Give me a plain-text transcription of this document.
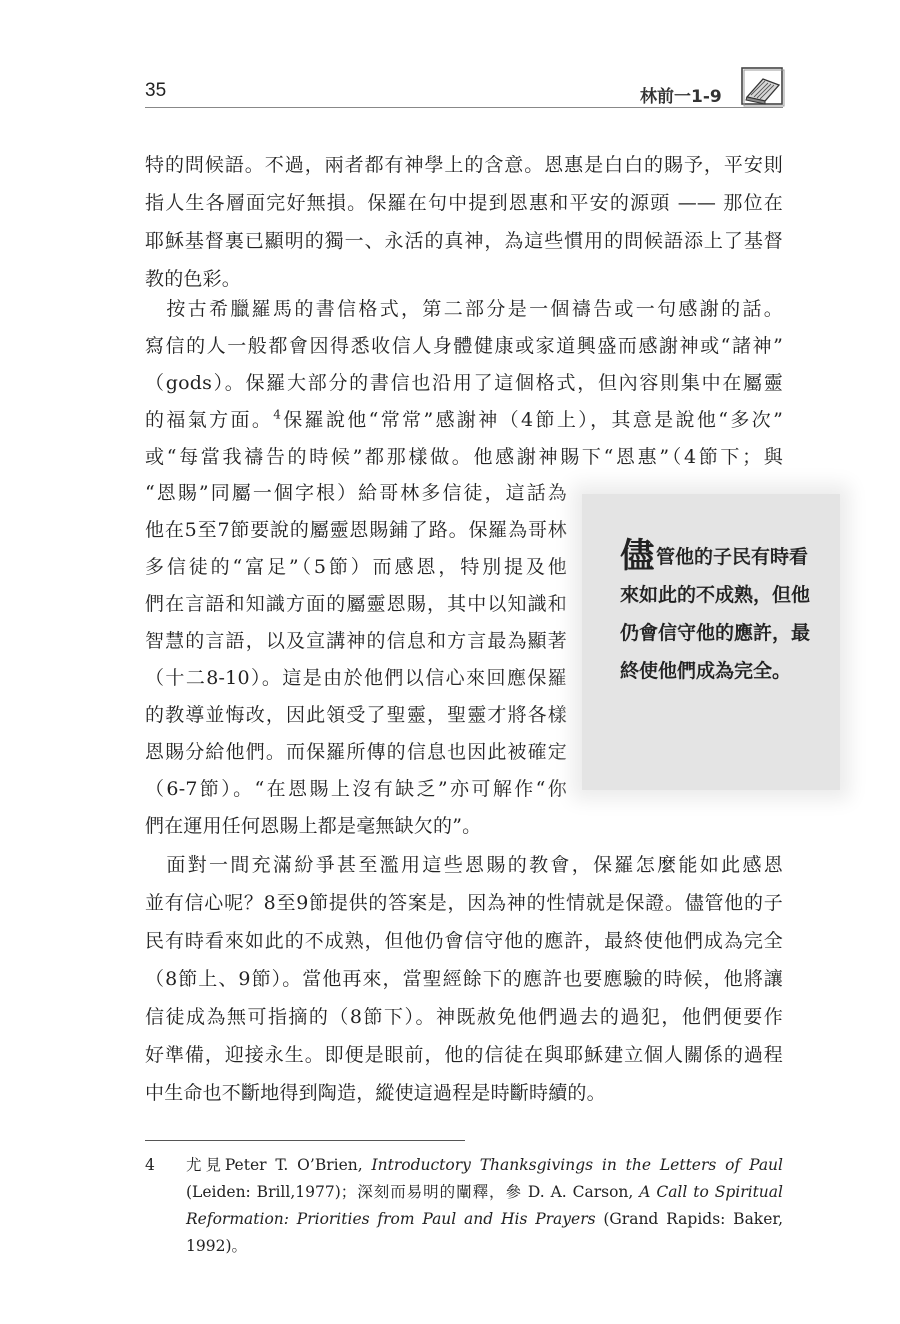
35	林前一1-9

特的問候語。不過，兩者都有神學上的含意。恩惠是白白的賜予，平安則

指人生各層面完好無損。保羅在句中提到恩惠和平安的源頭 —— 那位在

耶穌基督裏已顯明的獨一、永活的真神，為這些慣用的問候語添上了基督

教的色彩。

　按古希臘羅馬的書信格式，第二部分是一個禱告或一句感謝的話。

寫信的人一般都會因得悉收信人身體健康或家道興盛而感謝神或“諸神”

（gods）。保羅大部分的書信也沿用了這個格式，但內容則集中在屬靈

的福氣方面。$^4$保羅說他“常常”感謝神（4節上），其意是說他“多次”

或“每當我禱告的時候”都那樣做。他感謝神賜下“恩惠”（4節下；與

“恩賜”同屬一個字根）給哥林多信徒，這話為

他在5至7節要說的屬靈恩賜鋪了路。保羅為哥林

多信徒的“富足”（5節）而感恩，特別提及他

們在言語和知識方面的屬靈恩賜，其中以知識和

智慧的言語，以及宣講神的信息和方言最為顯著

（十二8-10）。這是由於他們以信心來回應保羅

的教導並悔改，因此領受了聖靈，聖靈才將各樣

恩賜分給他們。而保羅所傳的信息也因此被確定

（6-7節）。“在恩賜上沒有缺乏”亦可解作“你

們在運用任何恩賜上都是毫無缺欠的”。

　面對一間充滿紛爭甚至濫用這些恩賜的教會，保羅怎麼能如此感恩

並有信心呢？8至9節提供的答案是，因為神的性情就是保證。儘管他的子

民有時看來如此的不成熟，但他仍會信守他的應許，最終使他們成為完全

（8節上、9節）。當他再來，當聖經餘下的應許也要應驗的時候，他將讓

信徒成為無可指摘的（8節下）。神既赦免他們過去的過犯，他們便要作

好準備，迎接永生。即便是眼前，他的信徒在與耶穌建立個人關係的過程

中生命也不斷地得到陶造，縱使這過程是時斷時續的。

儘管他的子民有時看來如此的不成熟，但他仍會信守他的應許，最終使他們成為完全。
4 尤見Peter T. O’Brien, Introductory Thanksgivings in the Letters of Paul (Leiden: Brill,1977)；深刻而易明的闡釋，參 D. A. Carson, A Call to Spiritual Reformation: Priorities from Paul and His Prayers (Grand Rapids: Baker, 1992)。
